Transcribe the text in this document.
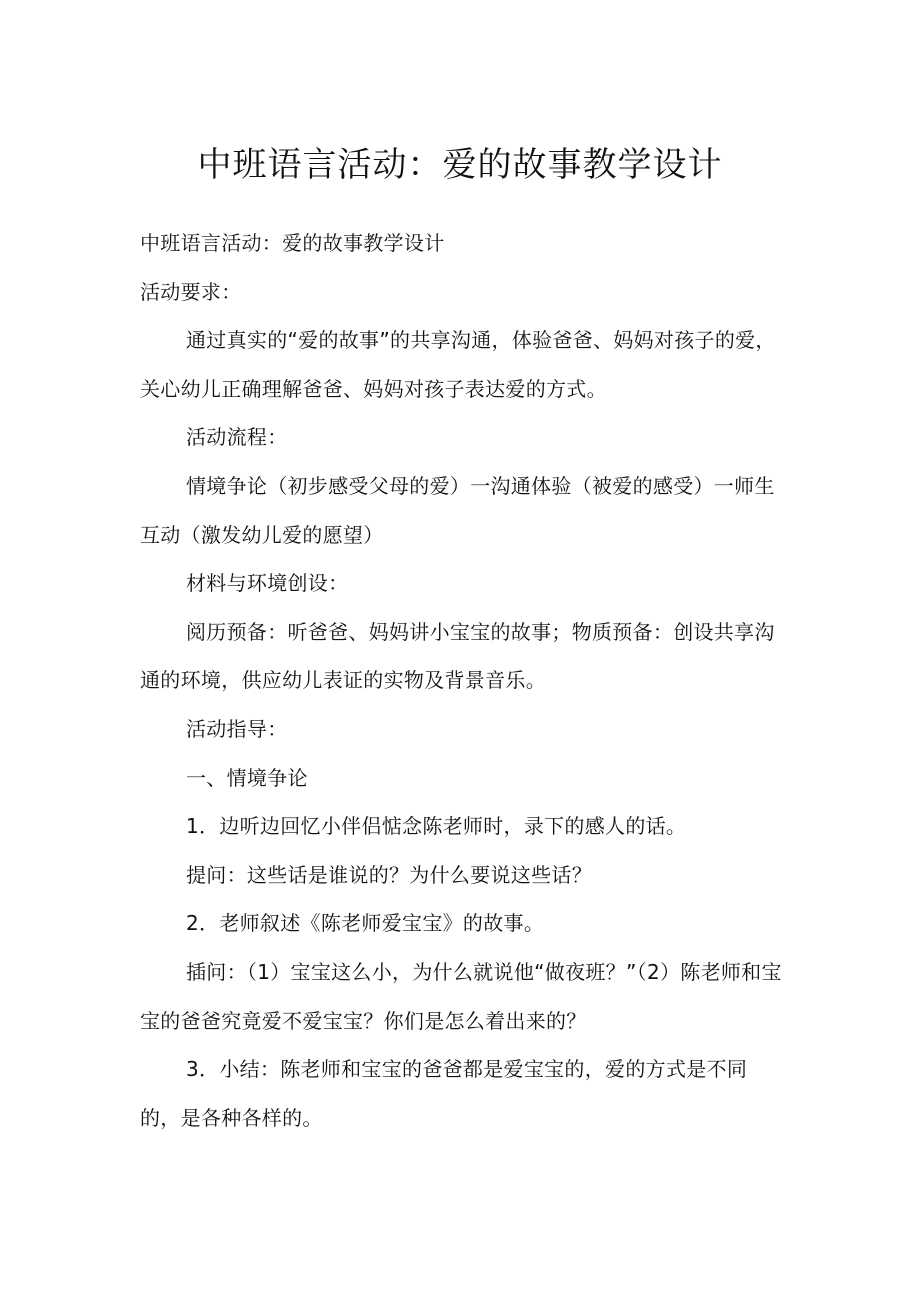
中班语言活动：爱的故事教学设计

中班语言活动：爱的故事教学设计

活动要求：

通过真实的“爱的故事”的共享沟通，体验爸爸、妈妈对孩子的爱，关心幼儿正确理解爸爸、妈妈对孩子表达爱的方式。

活动流程：

情境争论（初步感受父母的爱）一沟通体验（被爱的感受）一师生互动（激发幼儿爱的愿望）

材料与环境创设：

阅历预备：听爸爸、妈妈讲小宝宝的故事；物质预备：创设共享沟通的环境，供应幼儿表证的实物及背景音乐。

活动指导：

一、情境争论

1．边听边回忆小伴侣惦念陈老师时，录下的感人的话。

提问：这些话是谁说的？为什么要说这些话？

2．老师叙述《陈老师爱宝宝》的故事。

插问：（1）宝宝这么小，为什么就说他“做夜班？”（2）陈老师和宝宝的爸爸究竟爱不爱宝宝？你们是怎么着出来的？

3．小结：陈老师和宝宝的爸爸都是爱宝宝的，爱的方式是不同的，是各种各样的。
